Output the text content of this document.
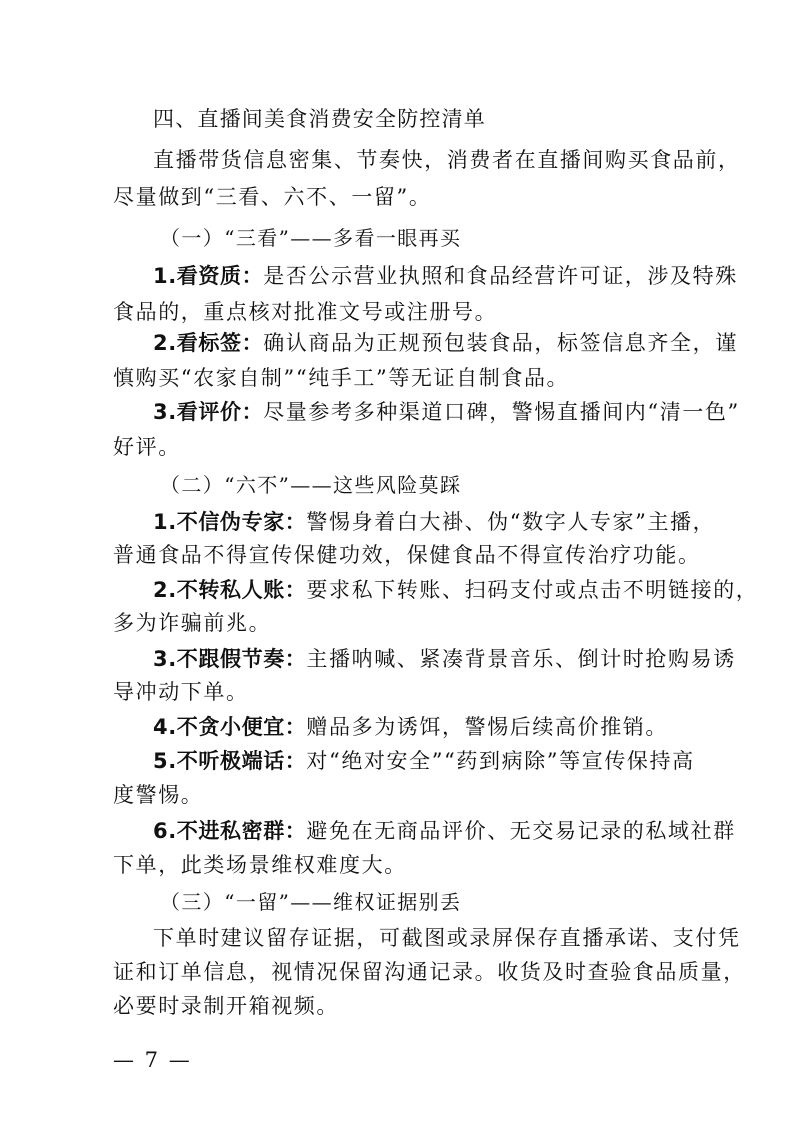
四、直播间美食消费安全防控清单
直播带货信息密集、节奏快，消费者在直播间购买食品前，
尽量做到“三看、六不、一留”。
（一）“三看”——多看一眼再买
1.看资质：是否公示营业执照和食品经营许可证，涉及特殊
食品的，重点核对批准文号或注册号。
2.看标签：确认商品为正规预包装食品，标签信息齐全，谨
慎购买“农家自制”“纯手工”等无证自制食品。
3.看评价：尽量参考多种渠道口碑，警惕直播间内“清一色”
好评。
（二）“六不”——这些风险莫踩
1.不信伪专家：警惕身着白大褂、伪“数字人专家”主播，
普通食品不得宣传保健功效，保健食品不得宣传治疗功能。
2.不转私人账：要求私下转账、扫码支付或点击不明链接的，
多为诈骗前兆。
3.不跟假节奏：主播呐喊、紧凑背景音乐、倒计时抢购易诱
导冲动下单。
4.不贪小便宜：赠品多为诱饵，警惕后续高价推销。
5.不听极端话：对“绝对安全”“药到病除”等宣传保持高
度警惕。
6.不进私密群：避免在无商品评价、无交易记录的私域社群
下单，此类场景维权难度大。
（三）“一留”——维权证据别丢
下单时建议留存证据，可截图或录屏保存直播承诺、支付凭
证和订单信息，视情况保留沟通记录。收货及时查验食品质量，
必要时录制开箱视频。
— 7 —
